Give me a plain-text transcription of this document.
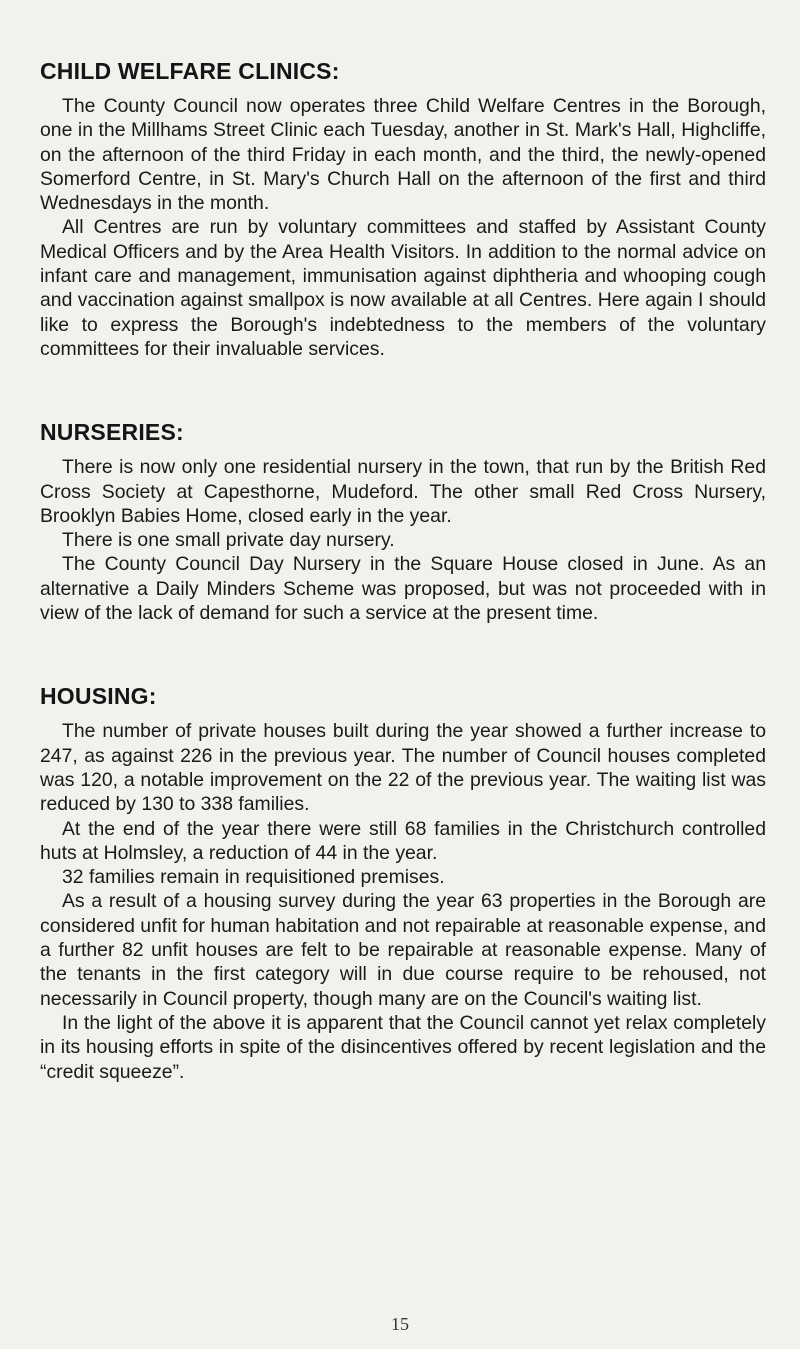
CHILD WELFARE CLINICS:

The County Council now operates three Child Welfare Centres in the Borough, one in the Millhams Street Clinic each Tuesday, another in St. Mark's Hall, Highcliffe, on the afternoon of the third Friday in each month, and the third, the newly-opened Somerford Centre, in St. Mary's Church Hall on the afternoon of the first and third Wednesdays in the month.

All Centres are run by voluntary committees and staffed by Assistant County Medical Officers and by the Area Health Visitors. In addition to the normal advice on infant care and management, immunisation against diphtheria and whooping cough and vaccination against smallpox is now available at all Centres. Here again I should like to express the Borough's indebtedness to the members of the voluntary committees for their invaluable services.

NURSERIES:

There is now only one residential nursery in the town, that run by the British Red Cross Society at Capesthorne, Mudeford. The other small Red Cross Nursery, Brooklyn Babies Home, closed early in the year.

There is one small private day nursery.

The County Council Day Nursery in the Square House closed in June. As an alternative a Daily Minders Scheme was proposed, but was not proceeded with in view of the lack of demand for such a service at the present time.

HOUSING:

The number of private houses built during the year showed a further increase to 247, as against 226 in the previous year. The number of Council houses completed was 120, a notable improvement on the 22 of the previous year. The waiting list was reduced by 130 to 338 families.

At the end of the year there were still 68 families in the Christchurch controlled huts at Holmsley, a reduction of 44 in the year.

32 families remain in requisitioned premises.

As a result of a housing survey during the year 63 properties in the Borough are considered unfit for human habitation and not repairable at reasonable expense, and a further 82 unfit houses are felt to be repairable at reasonable expense. Many of the tenants in the first category will in due course require to be rehoused, not necessarily in Council property, though many are on the Council's waiting list.

In the light of the above it is apparent that the Council cannot yet relax completely in its housing efforts in spite of the disincentives offered by recent legislation and the “credit squeeze”.

15
